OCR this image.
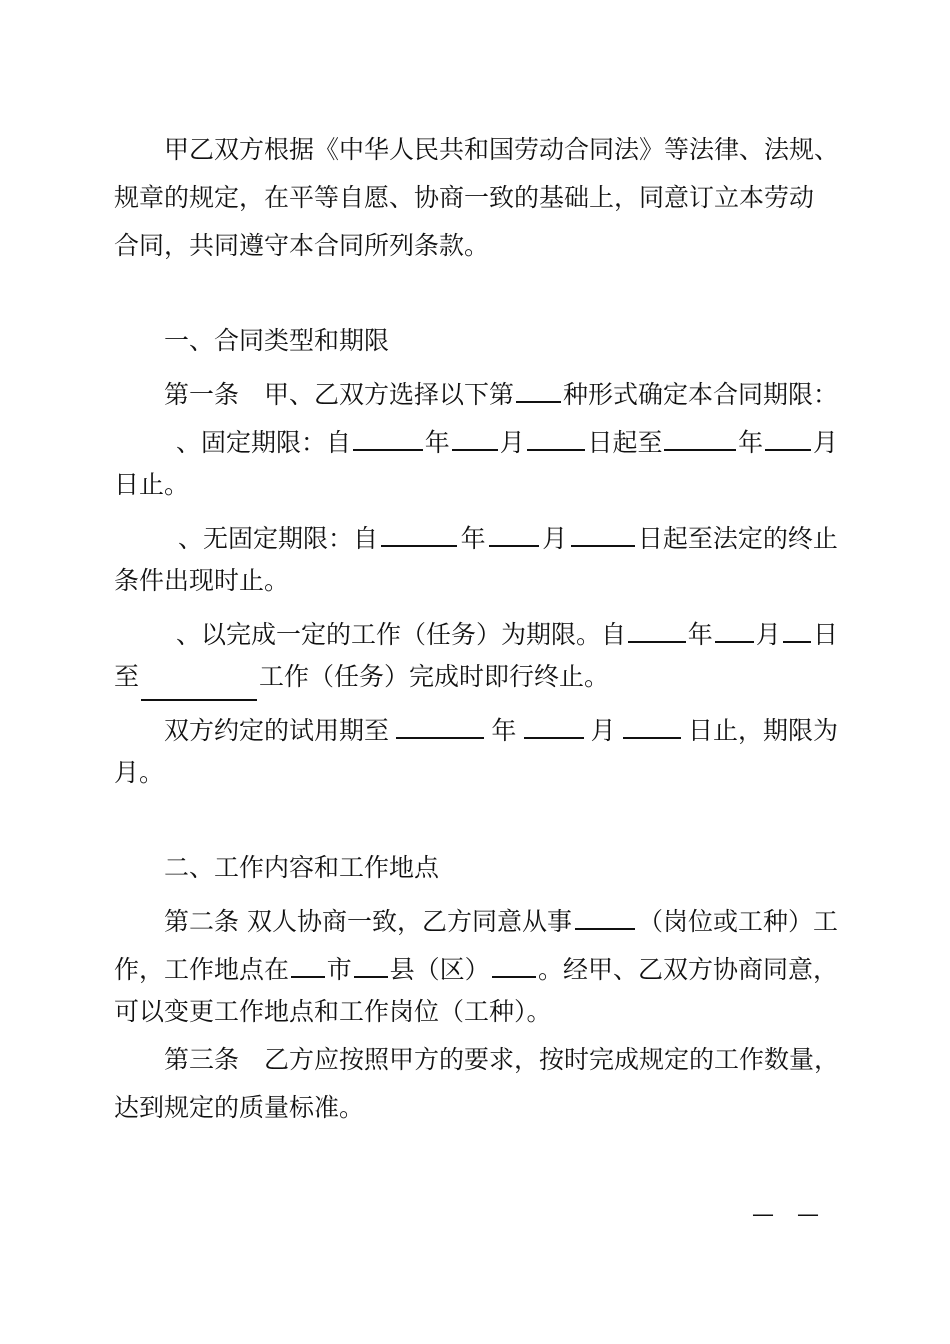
甲乙双方根据《中华人民共和国劳动合同法》等法律、法规、
规章的规定，在平等自愿、协商一致的基础上，同意订立本劳动
合同，共同遵守本合同所列条款。
一、合同类型和期限
第一条　甲、乙双方选择以下第 种形式确定本合同期限：
、固定期限：自	年 月	日起至	年 月
日止。
、无固定期限：自	年 月	日起至法定的终止
条件出现时止。
、以完成一定的工作（任务）为期限。自 年 月 日
至	工作（任务）完成时即行终止。
双方约定的试用期至	年	月	日止，期限为
月。
二、工作内容和工作地点
第二条 双人协商一致，乙方同意从事	（岗位或工种）工
作，工作地点在 市 县（区） 。经甲、乙双方协商同意，
可以变更工作地点和工作岗位（工种）。
第三条　乙方应按照甲方的要求，按时完成规定的工作数量，
达到规定的质量标准。
— —
